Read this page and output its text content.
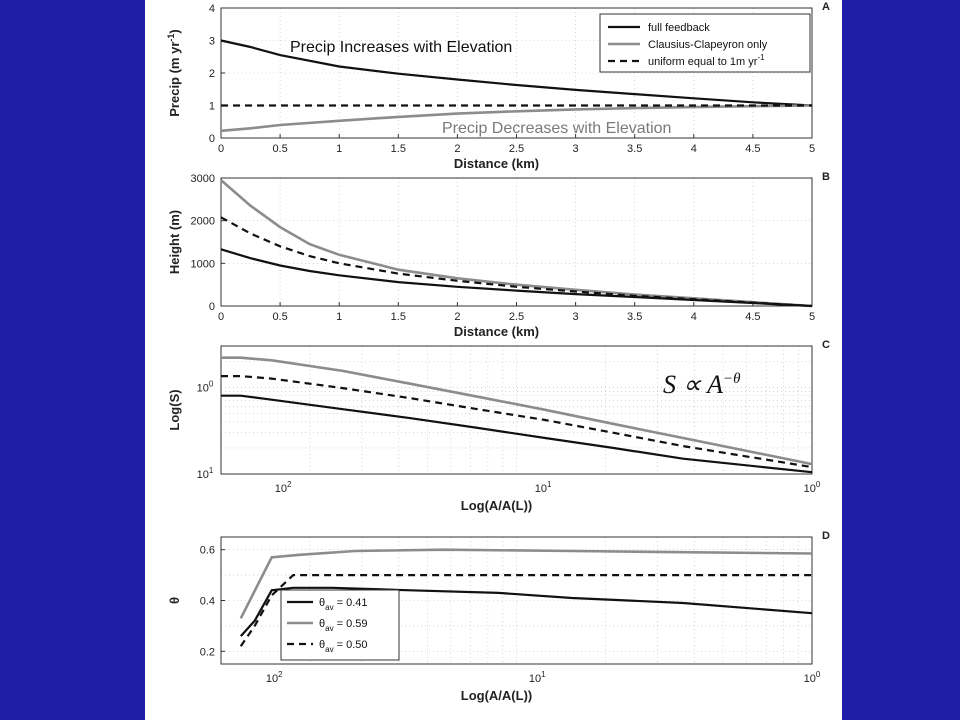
Precip (m $yr^{-1}$)
0	0.5	1	1.5	2	2.5	3	3.5	4	4.5	5
0
1
2
3
4
Distance (km)
A
full feedback
Clausius-Clapeyron only
uniform equal to 1m $yr^{-1}$
Precip Increases with Elevation
Precip Decreases with Elevation
Height (m)
0	0.5	1	1.5	2	2.5	3	3.5	4	4.5	5
0
1000
2000
3000
Distance (km)
B
Log(S)
$S \propto A^{-\theta}$
$10^2$	$10^1$	$10^0$
$10^1$
$10^0$
Log(A/A(L))
C
θ	$\theta_{av} = 0.41$
$\theta_{av} = 0.59$
$\theta_{av} = 0.50$
$10^2$	$10^1$	$10^0$
0.2
0.4
0.6
Log(A/A(L))
D
